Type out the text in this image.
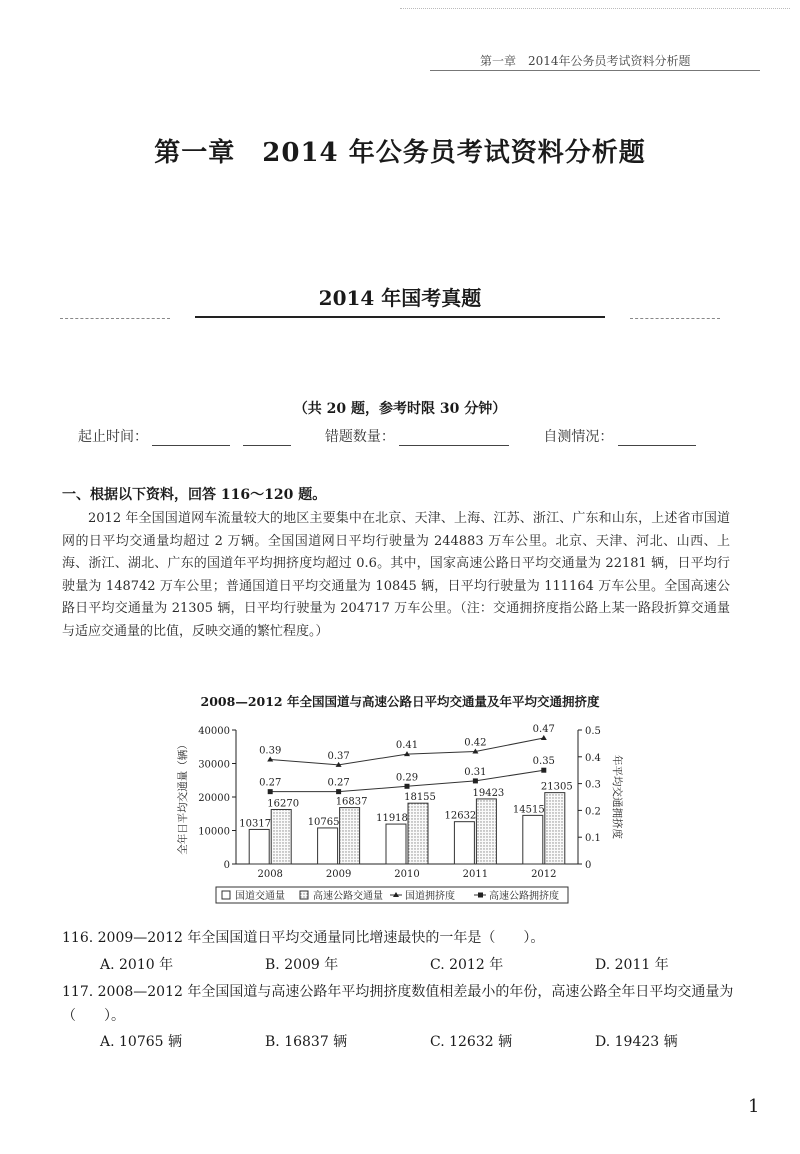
第一章　2014年公务员考试资料分析题
第一章　2014 年公务员考试资料分析题
2014 年国考真题
（共 20 题，参考时限 30 分钟）
起止时间：	错题数量：	自测情况：
一、根据以下资料，回答 116～120 题。
2012 年全国国道网车流量较大的地区主要集中在北京、天津、上海、江苏、浙江、广东和山东，上述省市国道网的日平均交通量均超过 2 万辆。全国国道网日平均行驶量为 244883 万车公里。北京、天津、河北、山西、上海、浙江、湖北、广东的国道年平均拥挤度均超过 0.6。其中，国家高速公路日平均交通量为 22181 辆，日平均行驶量为 148742 万车公里；普通国道日平均交通量为 10845 辆，日平均行驶量为 111164 万车公里。全国高速公路日平均交通量为 21305 辆，日平均行驶量为 204717 万车公里。（注：交通拥挤度指公路上某一路段折算交通量与适应交通量的比值，反映交通的繁忙程度。）
2008—2012 年全国国道与高速公路日平均交通量及年平均交通拥挤度
0
10000
20000
30000
40000
0
0.1
0.2
0.3
0.4
0.5
全年日平均交通量（辆）	年平均交通拥挤度
10317
16270
2008
10765
16837
2009
11918
18155
2010
12632
19423
2011
14515
21305
2012
0.39	0.37
0.41	0.42
0.47
0.27	0.27	0.29	0.31
0.35
国道交通量	高速公路交通量 国道拥挤度	高速公路拥挤度
116. 2009—2012 年全国国道日平均交通量同比增速最快的一年是（　　）。
A. 2010 年	B. 2009 年	C. 2012 年	D. 2011 年
117. 2008—2012 年全国国道与高速公路年平均拥挤度数值相差最小的年份，高速公路全年日平均交通量为（　　）。
A. 10765 辆	B. 16837 辆	C. 12632 辆	D. 19423 辆
1
